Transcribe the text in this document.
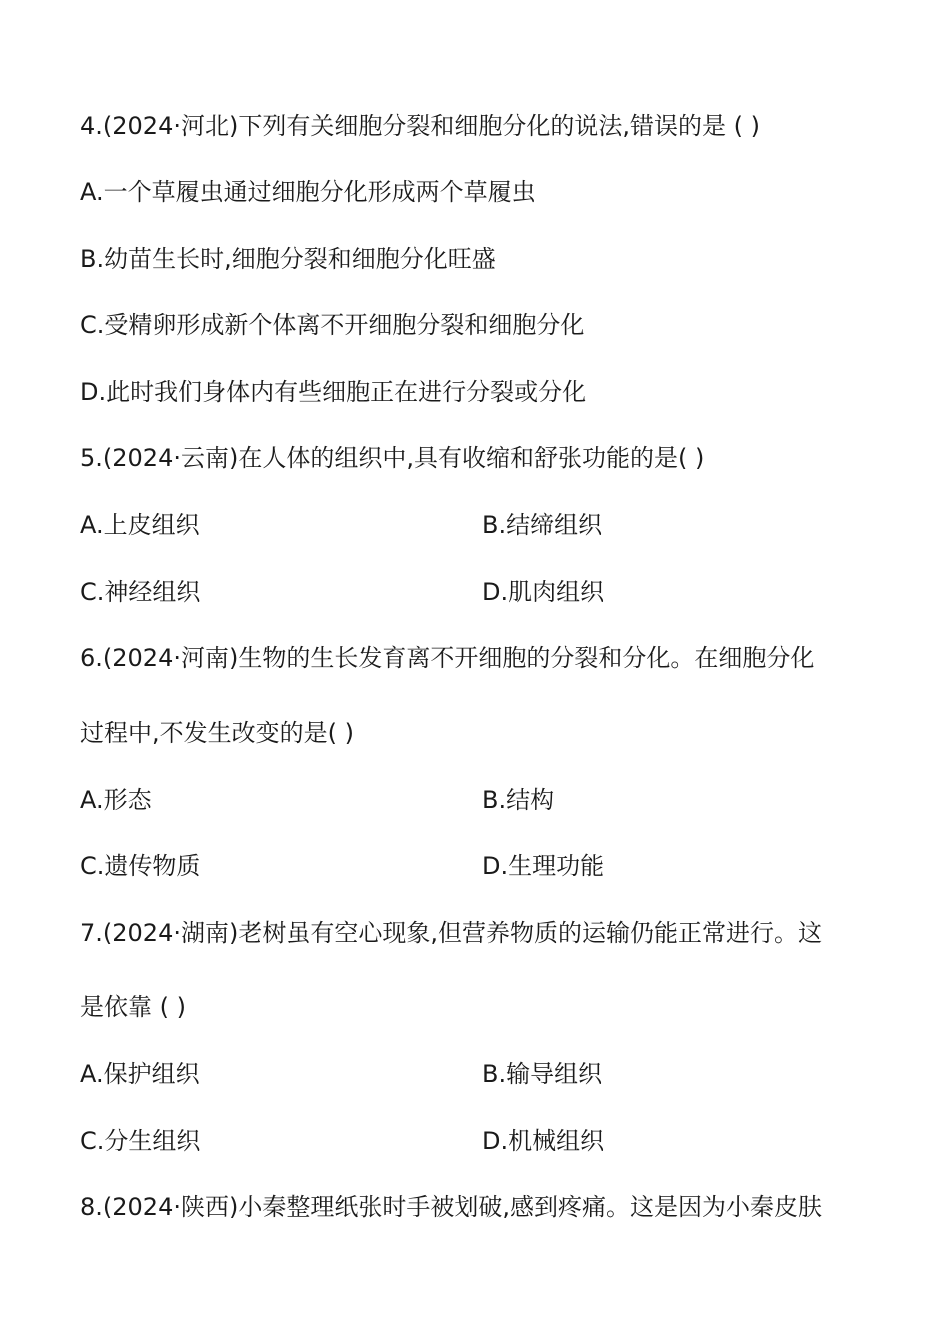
4.(2024·河北)下列有关细胞分裂和细胞分化的说法,错误的是 ( )
A.一个草履虫通过细胞分化形成两个草履虫
B.幼苗生长时,细胞分裂和细胞分化旺盛
C.受精卵形成新个体离不开细胞分裂和细胞分化
D.此时我们身体内有些细胞正在进行分裂或分化
5.(2024·云南)在人体的组织中,具有收缩和舒张功能的是( )
A.上皮组织	B.结缔组织
C.神经组织	D.肌肉组织
6.(2024·河南)生物的生长发育离不开细胞的分裂和分化。在细胞分化
过程中,不发生改变的是( )
A.形态	B.结构
C.遗传物质	D.生理功能
7.(2024·湖南)老树虽有空心现象,但营养物质的运输仍能正常进行。这
是依靠 ( )
A.保护组织	B.输导组织
C.分生组织	D.机械组织
8.(2024·陕西)小秦整理纸张时手被划破,感到疼痛。这是因为小秦皮肤
